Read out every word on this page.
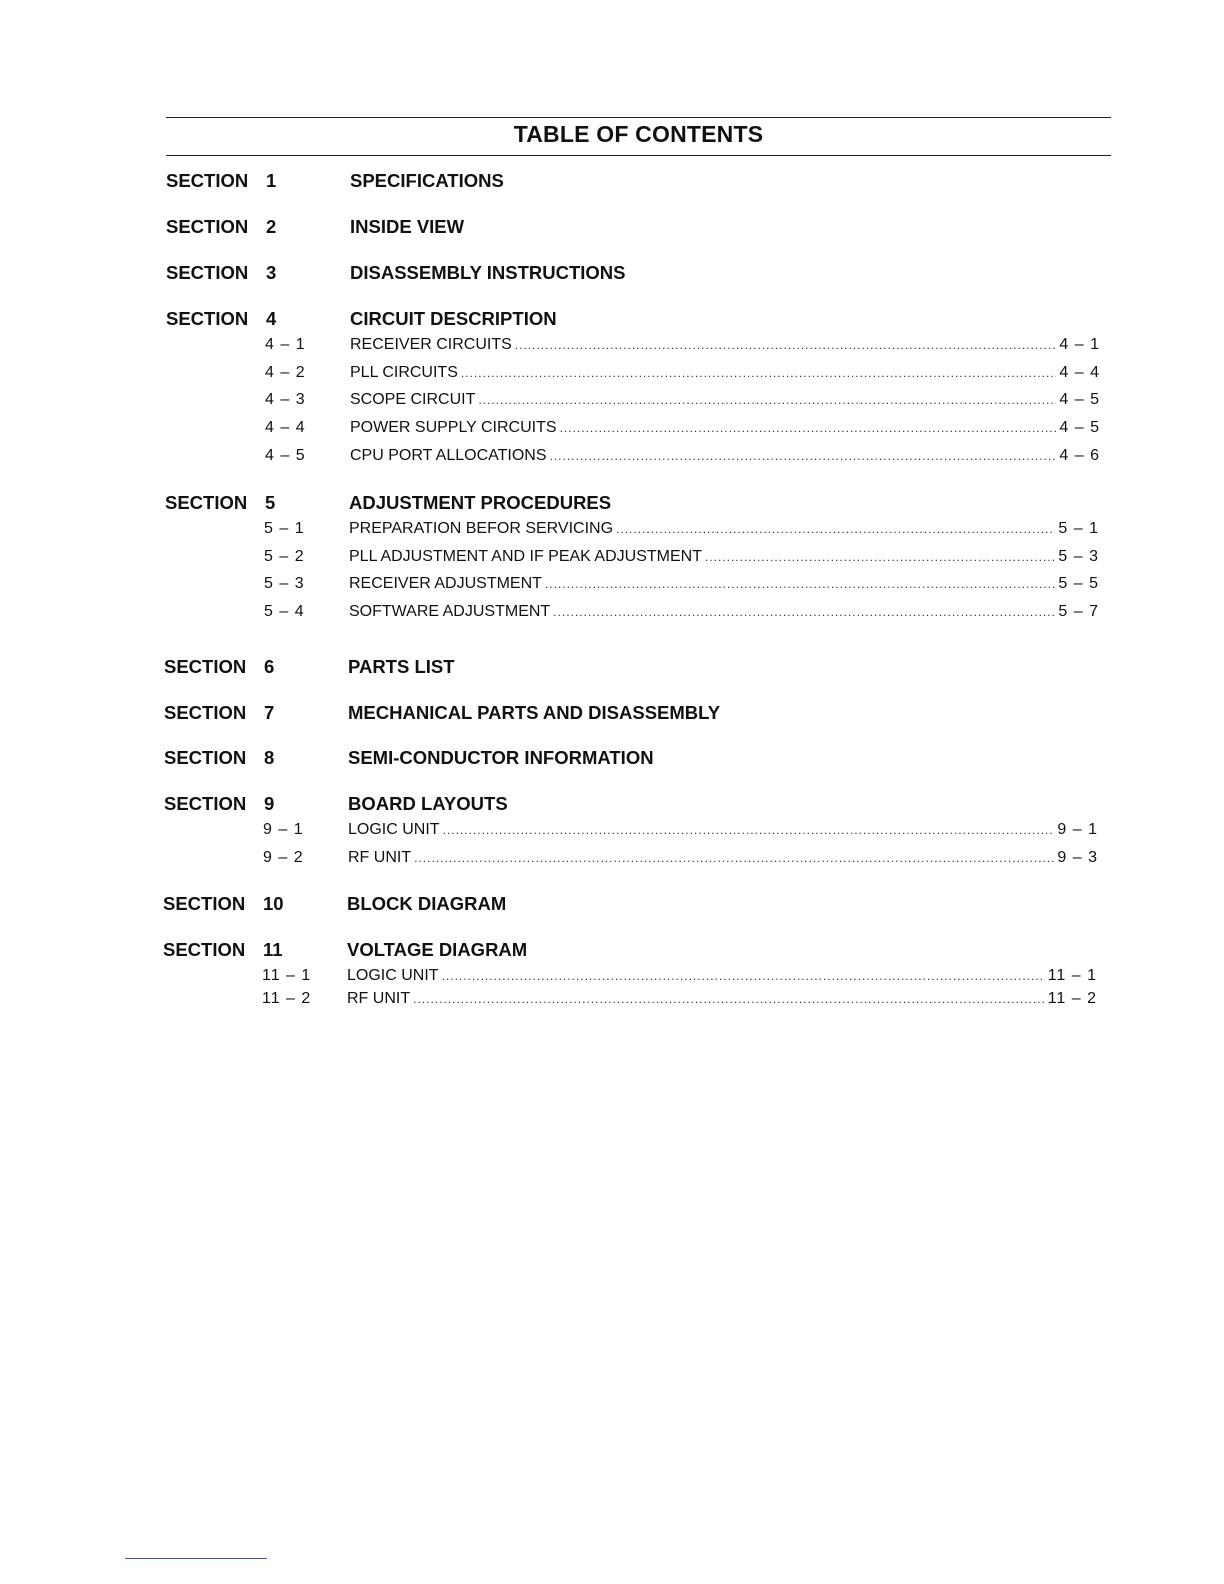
TABLE OF CONTENTS
SECTION 1	SPECIFICATIONS
SECTION 2	INSIDE VIEW
SECTION 3	DISASSEMBLY INSTRUCTIONS
SECTION 4	CIRCUIT DESCRIPTION
4 – 1	RECEIVER CIRCUITS .....	4 – 1
4 – 2	PLL CIRCUITS .....	4 – 4
4 – 3	SCOPE CIRCUIT .....	4 – 5
4 – 4	POWER SUPPLY CIRCUITS .....	4 – 5
4 – 5	CPU PORT ALLOCATIONS .....	4 – 6
SECTION 5	ADJUSTMENT PROCEDURES
5 – 1	PREPARATION BEFOR SERVICING .....	5 – 1
5 – 2	PLL ADJUSTMENT AND IF PEAK ADJUSTMENT .....	5 – 3
5 – 3	RECEIVER ADJUSTMENT .....	5 – 5
5 – 4	SOFTWARE ADJUSTMENT .....	5 – 7
SECTION 6	PARTS LIST
SECTION 7	MECHANICAL PARTS AND DISASSEMBLY
SECTION 8	SEMI-CONDUCTOR INFORMATION
SECTION 9	BOARD LAYOUTS
9 – 1	LOGIC UNIT .....	9 – 1
9 – 2	RF UNIT .....	9 – 3
SECTION 10	BLOCK DIAGRAM
SECTION 11	VOLTAGE DIAGRAM
11 – 1 LOGIC UNIT .....	11 – 1
11 – 2 RF UNIT .....	11 – 2
